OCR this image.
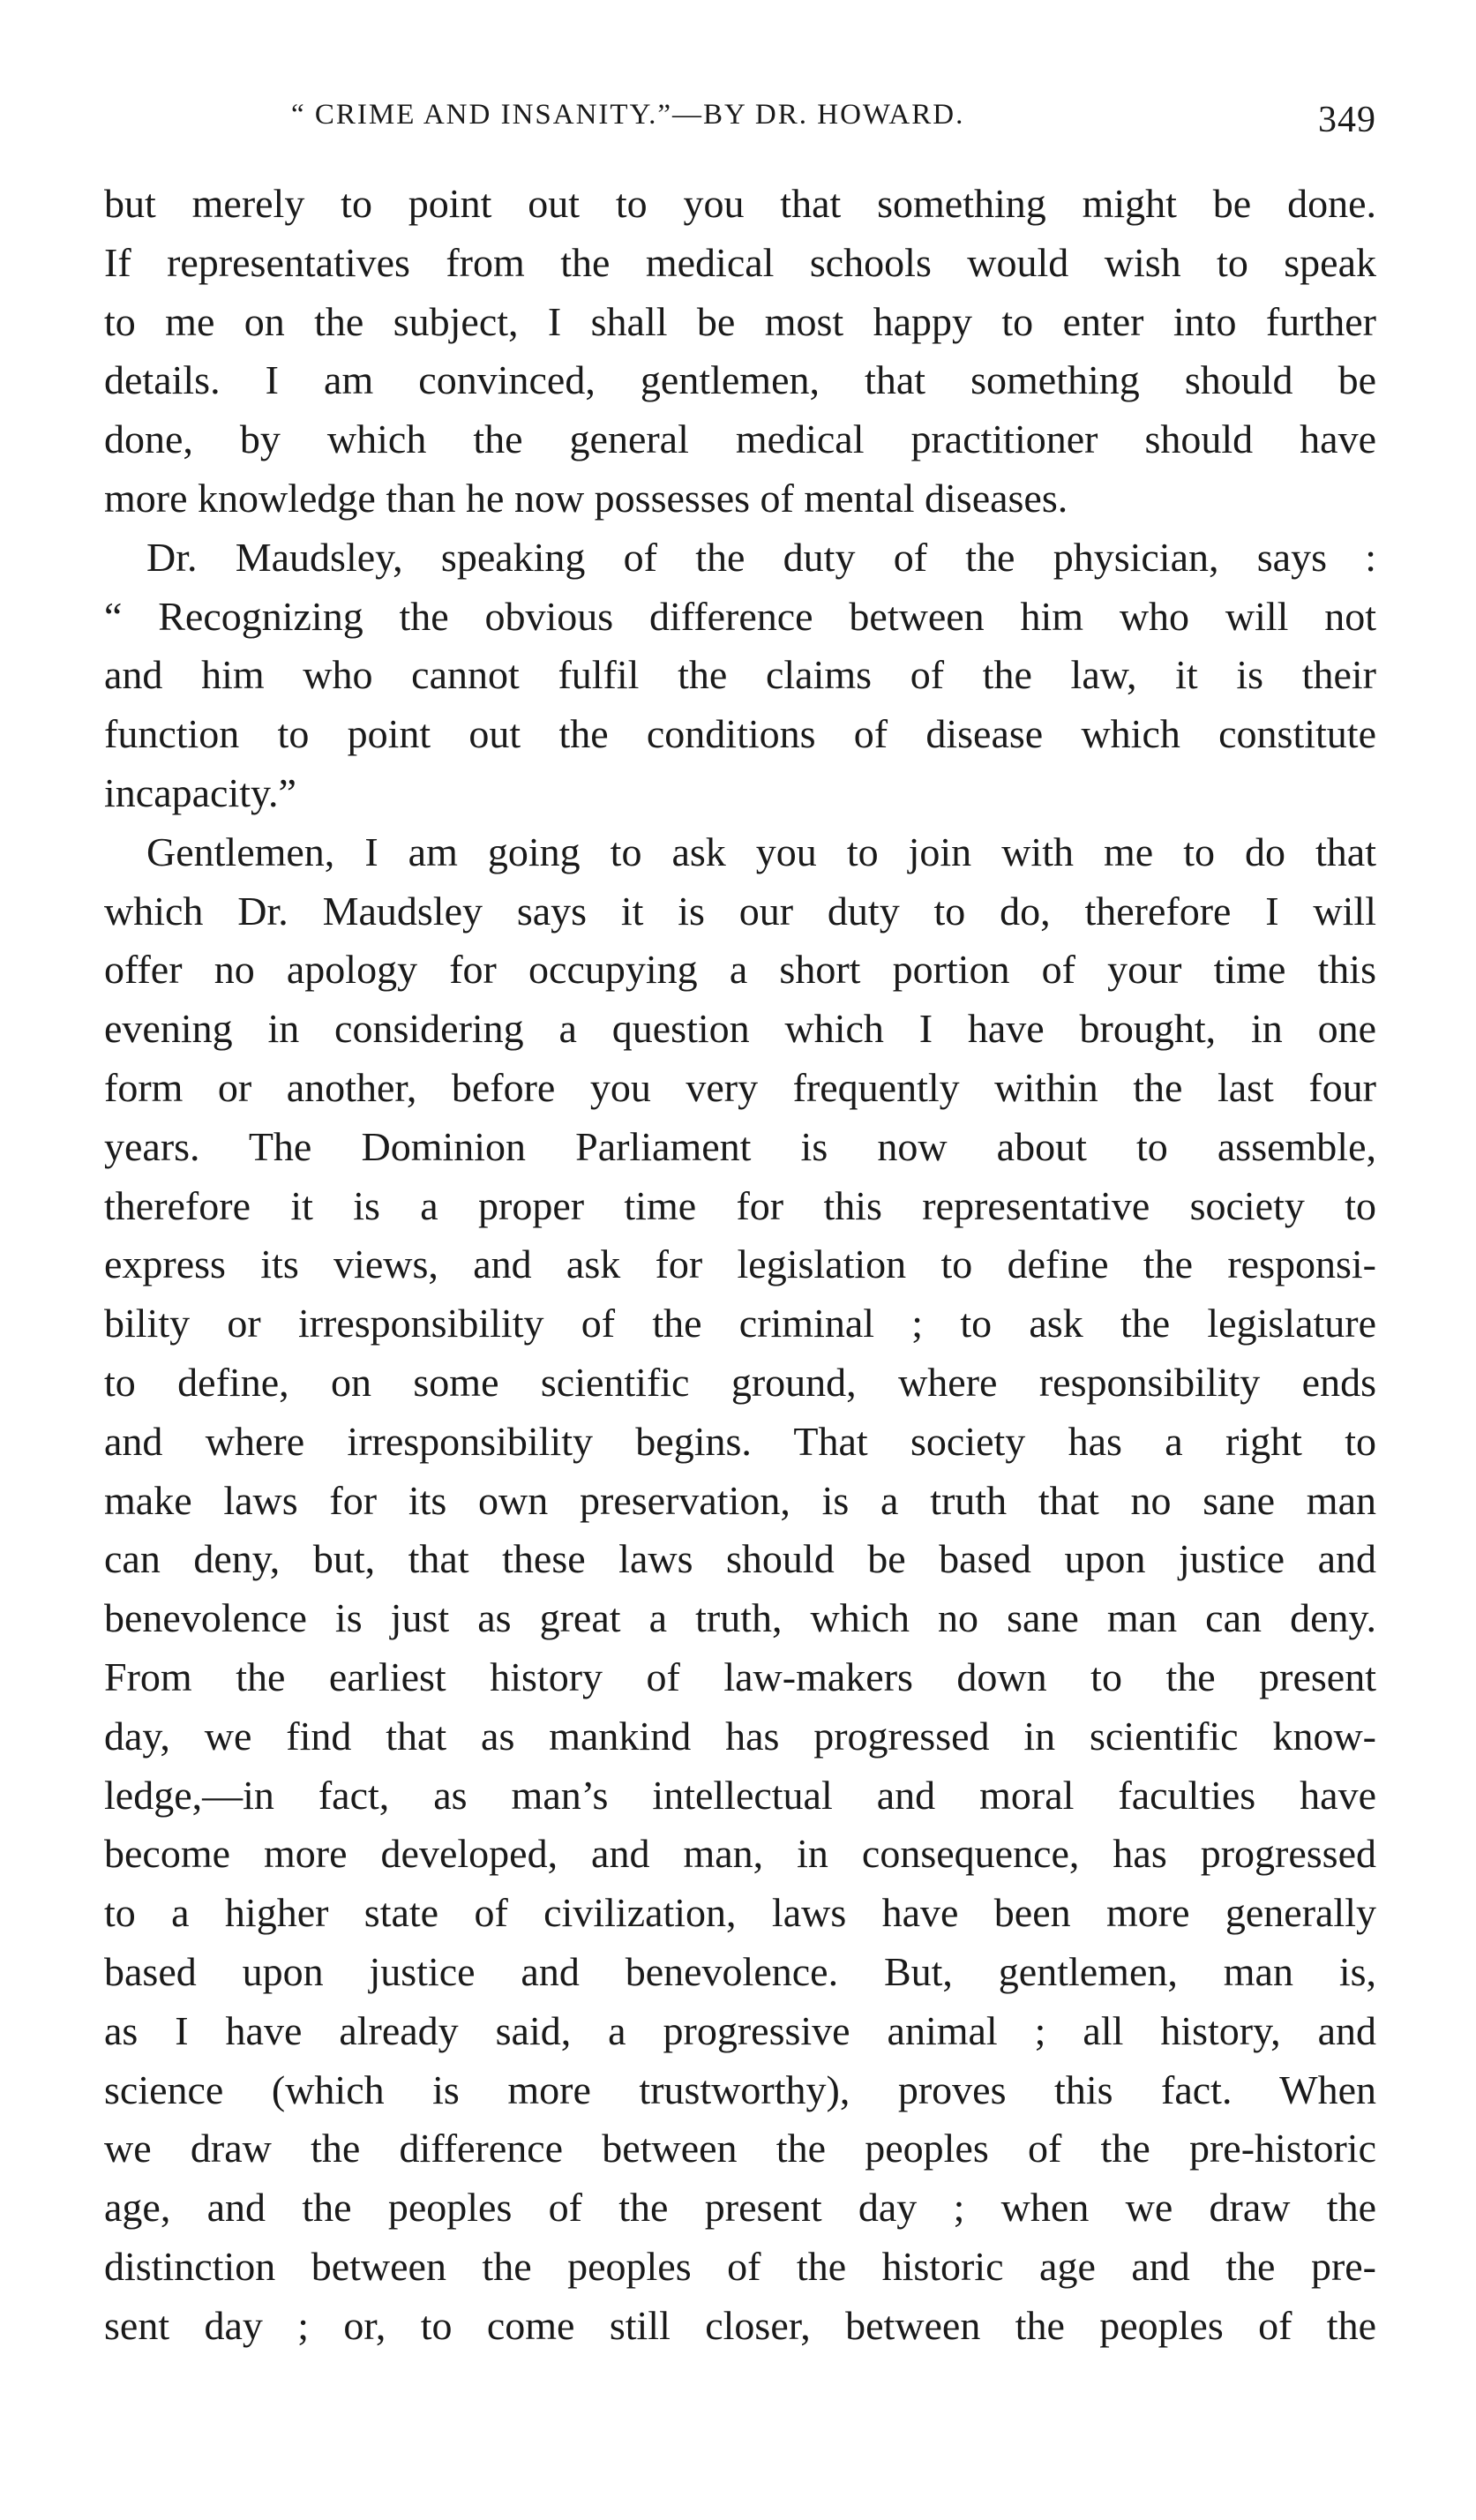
“ CRIME AND INSANITY.”—BY DR. HOWARD.	349
but merely to point out to you that something might be done.
If representatives from the medical schools would wish to speak
to me on the subject, I shall be most happy to enter into further
details. I am convinced, gentlemen, that something should be
done, by which the general medical practitioner should have
more knowledge than he now possesses of mental diseases.
Dr. Maudsley, speaking of the duty of the physician, says :
“ Recognizing the obvious difference between him who will not
and him who cannot fulfil the claims of the law, it is their
function to point out the conditions of disease which constitute
incapacity.”
Gentlemen, I am going to ask you to join with me to do that
which Dr. Maudsley says it is our duty to do, therefore I will
offer no apology for occupying a short portion of your time this
evening in considering a question which I have brought, in one
form or another, before you very frequently within the last four
years. The Dominion Parliament is now about to assemble,
therefore it is a proper time for this representative society to
express its views, and ask for legislation to define the responsi-
bility or irresponsibility of the criminal ; to ask the legislature
to define, on some scientific ground, where responsibility ends
and where irresponsibility begins. That society has a right to
make laws for its own preservation, is a truth that no sane man
can deny, but, that these laws should be based upon justice and
benevolence is just as great a truth, which no sane man can deny.
From the earliest history of law-makers down to the present
day, we find that as mankind has progressed in scientific know-
ledge,—in fact, as man’s intellectual and moral faculties have
become more developed, and man, in consequence, has progressed
to a higher state of civilization, laws have been more generally
based upon justice and benevolence. But, gentlemen, man is,
as I have already said, a progressive animal ; all history, and
science (which is more trustworthy), proves this fact. When
we draw the difference between the peoples of the pre-historic
age, and the peoples of the present day ; when we draw the
distinction between the peoples of the historic age and the pre-
sent day ; or, to come still closer, between the peoples of the
